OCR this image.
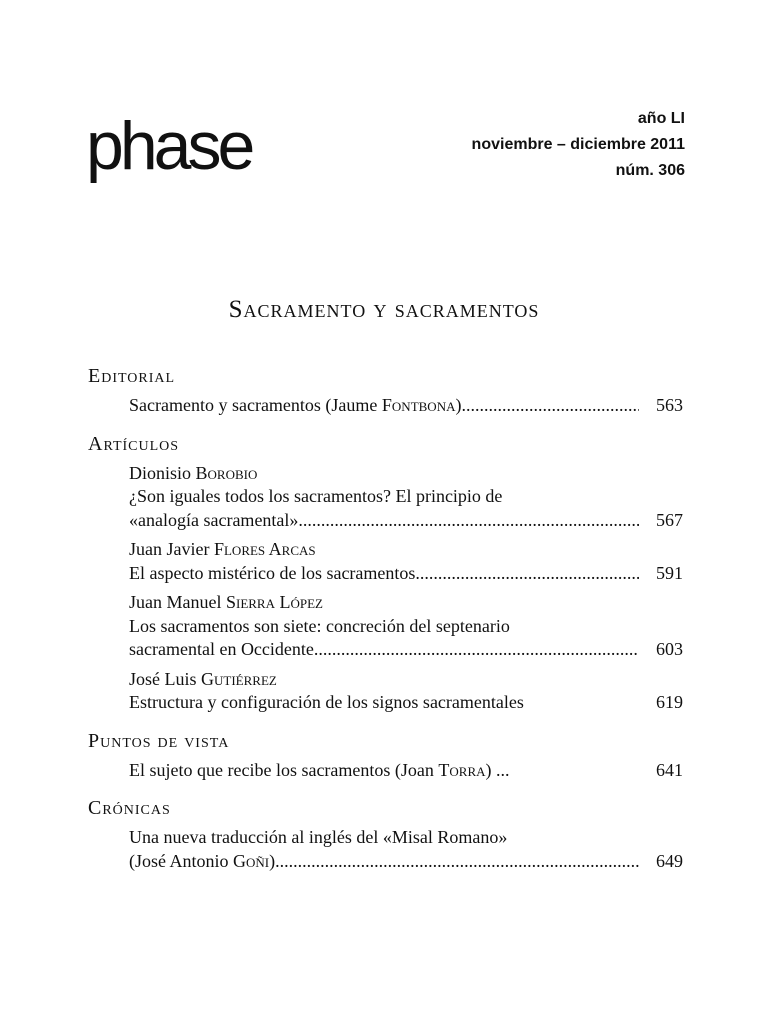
phase	año LI
noviembre – diciembre 2011
núm. 306
Sacramento y sacramentos
Editorial
Sacramento y sacramentos (Jaume Fontbona) .....	563
Artículos
Dionisio Borobio
¿Son iguales todos los sacramentos? El principio de
«analogía sacramental» .....	567
Juan Javier Flores Arcas
El aspecto mistérico de los sacramentos .....	591
Juan Manuel Sierra López
Los sacramentos son siete: concreción del septenario
sacramental en Occidente .....	603
José Luis Gutiérrez
Estructura y configuración de los signos sacramentales	619
Puntos de vista
El sujeto que recibe los sacramentos (Joan Torra) ...	641
Crónicas
Una nueva traducción al inglés del «Misal Romano»
(José Antonio Goñi) .....	649
